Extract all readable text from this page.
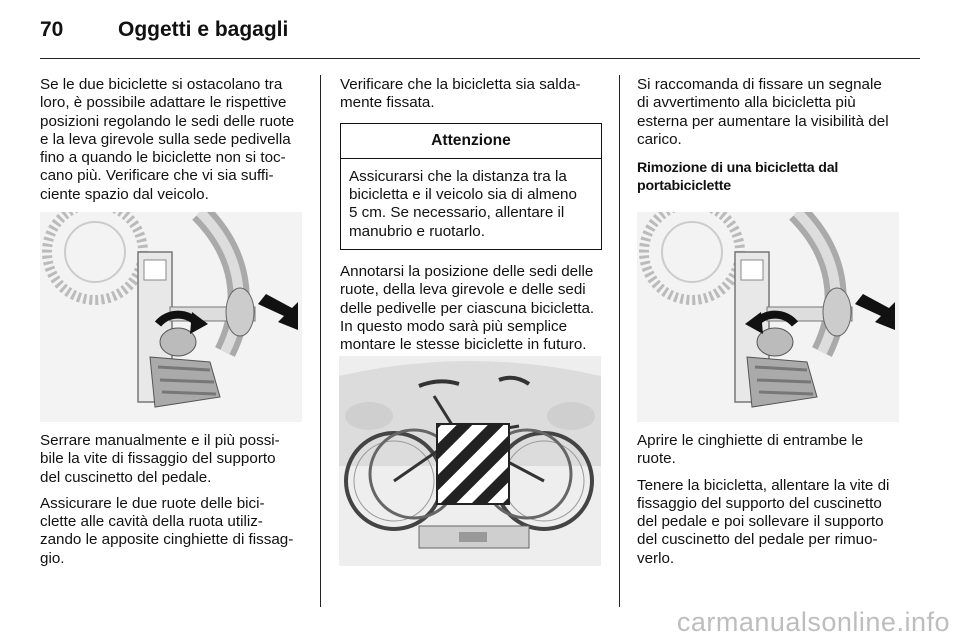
70	Oggetti e bagagli

Se le due biciclette si ostacolano tra
loro, è possibile adattare le rispettive
posizioni regolando le sedi delle ruote
e la leva girevole sulla sede pedivella
fino a quando le biciclette non si toc-
cano più. Verificare che vi sia suffi-
ciente spazio dal veicolo.

Serrare manualmente e il più possi-
bile la vite di fissaggio del supporto
del cuscinetto del pedale.

Assicurare le due ruote delle bici-
clette alle cavità della ruota utiliz-
zando le apposite cinghiette di fissag-
gio.

Verificare che la bicicletta sia salda-
mente fissata.

Attenzione
Assicurarsi che la distanza tra la
bicicletta e il veicolo sia di almeno
5 cm. Se necessario, allentare il
manubrio e ruotarlo.

Annotarsi la posizione delle sedi delle
ruote, della leva girevole e delle sedi
delle pedivelle per ciascuna bicicletta.
In questo modo sarà più semplice
montare le stesse biciclette in futuro.

Si raccomanda di fissare un segnale
di avvertimento alla bicicletta più
esterna per aumentare la visibilità del
carico.

Rimozione di una bicicletta dal
portabiciclette

Aprire le cinghiette di entrambe le
ruote.

Tenere la bicicletta, allentare la vite di
fissaggio del supporto del cuscinetto
del pedale e poi sollevare il supporto
del cuscinetto del pedale per rimuo-
verlo.

carmanualsonline.info
